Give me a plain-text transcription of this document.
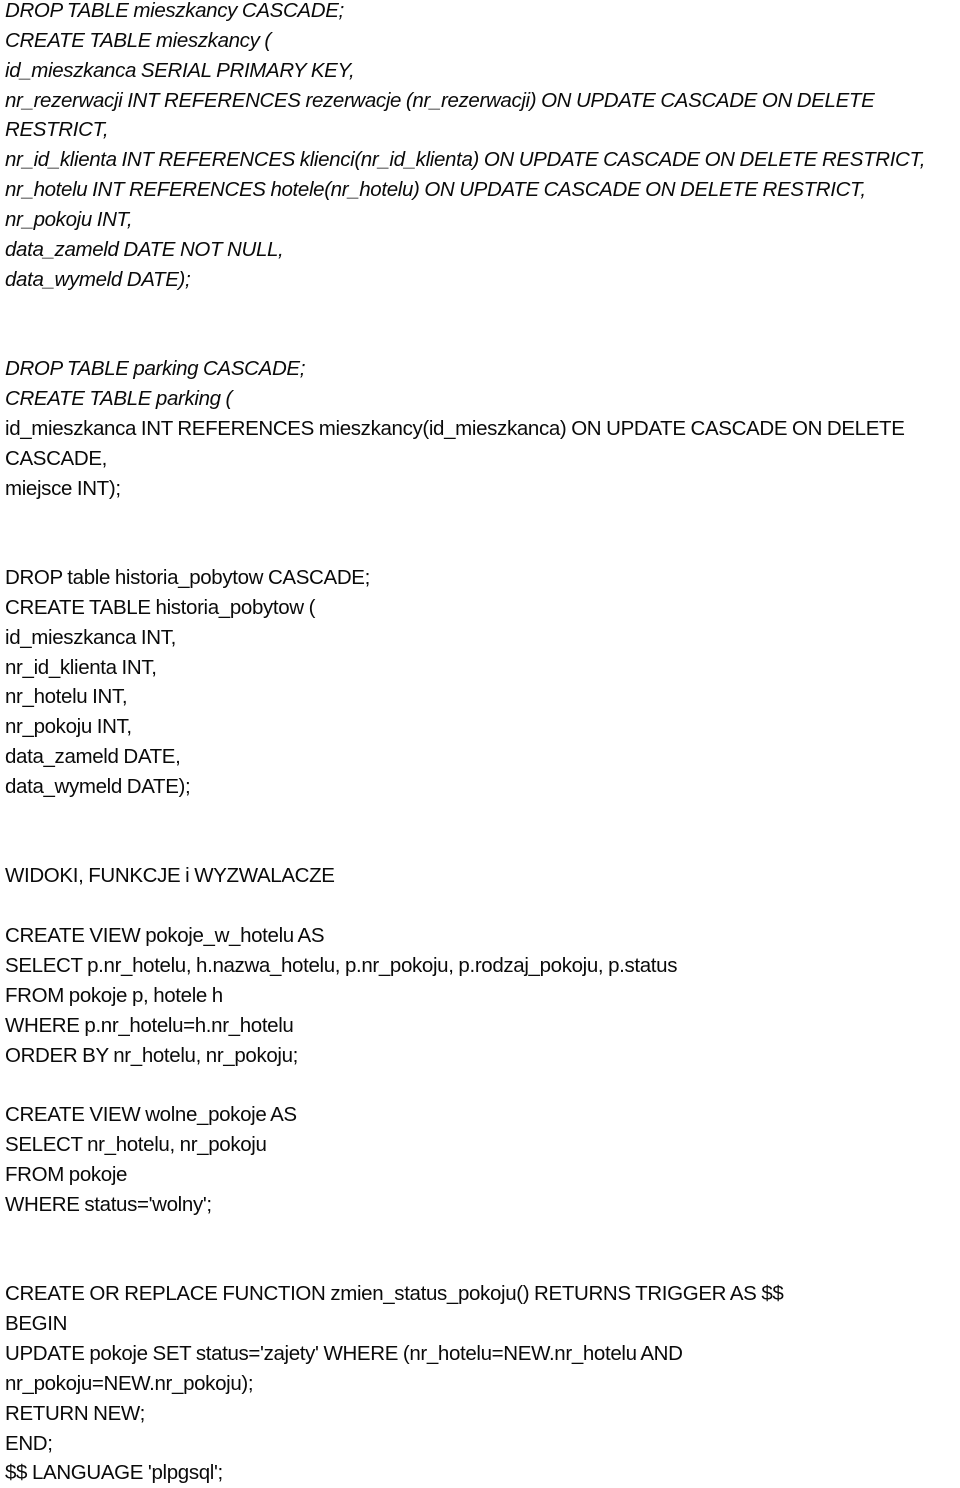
DROP TABLE mieszkancy CASCADE;
CREATE TABLE mieszkancy (
id_mieszkanca SERIAL PRIMARY KEY,
nr_rezerwacji INT REFERENCES rezerwacje (nr_rezerwacji) ON UPDATE CASCADE ON DELETE
RESTRICT,
nr_id_klienta INT REFERENCES klienci(nr_id_klienta) ON UPDATE CASCADE ON DELETE RESTRICT,
nr_hotelu INT REFERENCES hotele(nr_hotelu) ON UPDATE CASCADE ON DELETE RESTRICT,
nr_pokoju INT,
data_zameld DATE NOT NULL,
data_wymeld DATE);
DROP TABLE parking CASCADE;
CREATE TABLE parking (
id_mieszkanca INT REFERENCES mieszkancy(id_mieszkanca) ON UPDATE CASCADE ON DELETE
CASCADE,
miejsce INT);
DROP table historia_pobytow CASCADE;
CREATE TABLE historia_pobytow (
id_mieszkanca INT,
nr_id_klienta INT,
nr_hotelu INT,
nr_pokoju INT,
data_zameld DATE,
data_wymeld DATE);
WIDOKI, FUNKCJE i WYZWALACZE
CREATE VIEW pokoje_w_hotelu AS
SELECT p.nr_hotelu, h.nazwa_hotelu, p.nr_pokoju, p.rodzaj_pokoju, p.status
FROM pokoje p, hotele h
WHERE p.nr_hotelu=h.nr_hotelu
ORDER BY nr_hotelu, nr_pokoju;
CREATE VIEW wolne_pokoje AS
SELECT nr_hotelu, nr_pokoju
FROM pokoje
WHERE status='wolny';
CREATE OR REPLACE FUNCTION zmien_status_pokoju() RETURNS TRIGGER AS $$
BEGIN
UPDATE pokoje SET status='zajety' WHERE (nr_hotelu=NEW.nr_hotelu AND
nr_pokoju=NEW.nr_pokoju);
RETURN NEW;
END;
$$ LANGUAGE 'plpgsql';
